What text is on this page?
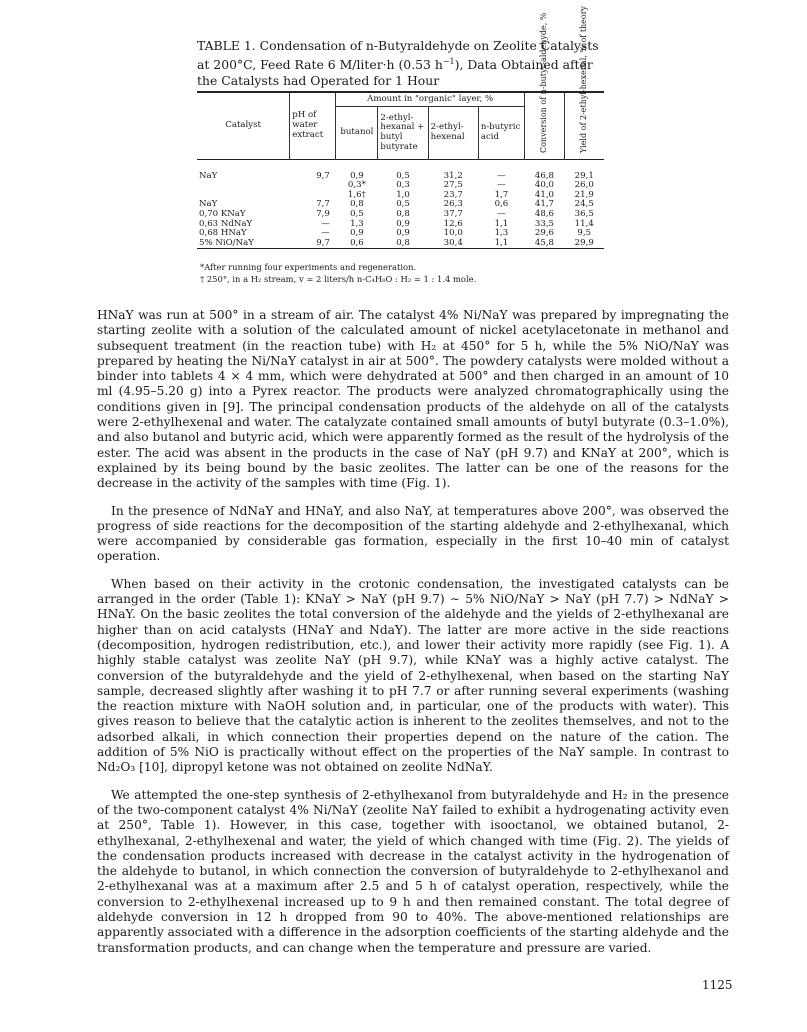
TABLE 1. Condensation of n-Butyraldehyde on Zeolite Catalysts
at 200°C, Feed Rate 6 M/liter·h (0.53 $h^{-1}$), Data Obtained after
the Catalysts had Operated for 1 Hour
Catalyst	pH of water extract	Amount in "organic" layer, %				Conversion of n-butyr-aldehyde, %	Yield of 2-ethyl-hexenal, % of theory
		butanol	2-ethyl-hexanal + butyl butyrate	2-ethyl-hexenal	n-butyric acid		
NaY	9,7	0,9	0,5	31,2	—	46,8	29,1
		0,3*	0,3	27,5	—	40,0	26,0
		1,6†	1,0	23,7	1,7	41,0	21,9
NaY	7,7	0,8	0,5	26,3	0,6	41,7	24,5
0,70 KNaY	7,9	0,5	0,8	37,7	—	48,6	36,5
0,63 NdNaY	—	1,3	0,9	12,6	1,1	33,5	11,4
0,68 HNaY	—	0,9	0,9	10,0	1,3	29,6	9,5
5% NiO/NaY	9,7	0,6	0,8	30,4	1,1	45,8	29,9
*After running four experiments and regeneration.
† 250°, in a H₂ stream, v = 2 liters/h n-C₄H₈O : H₂ = 1 : 1.4 mole.

HNaY was run at 500° in a stream of air. The catalyst 4% Ni/NaY was prepared by impregnating the starting zeolite with a solution of the calculated amount of nickel acetylacetonate in methanol and subsequent treatment (in the reaction tube) with H₂ at 450° for 5 h, while the 5% NiO/NaY was prepared by heating the Ni/NaY catalyst in air at 500°. The powdery catalysts were molded without a binder into tablets 4 × 4 mm, which were dehydrated at 500° and then charged in an amount of 10 ml (4.95–5.20 g) into a Pyrex reactor. The products were analyzed chromatographically using the conditions given in [9]. The principal condensation products of the aldehyde on all of the catalysts were 2-ethylhexenal and water. The catalyzate contained small amounts of butyl butyrate (0.3–1.0%), and also butanol and butyric acid, which were apparently formed as the result of the hydrolysis of the ester. The acid was absent in the products in the case of NaY (pH 9.7) and KNaY at 200°, which is explained by its being bound by the basic zeolites. The latter can be one of the reasons for the decrease in the activity of the samples with time (Fig. 1).

In the presence of NdNaY and HNaY, and also NaY, at temperatures above 200°, was observed the progress of side reactions for the decomposition of the starting aldehyde and 2-ethylhexanal, which were accompanied by considerable gas formation, especially in the first 10–40 min of catalyst operation.

When based on their activity in the crotonic condensation, the investigated catalysts can be arranged in the order (Table 1): KNaY > NaY (pH 9.7) ∼ 5% NiO/NaY > NaY (pH 7.7) > NdNaY > HNaY. On the basic zeolites the total conversion of the aldehyde and the yields of 2-ethylhexanal are higher than on acid catalysts (HNaY and NdaY). The latter are more active in the side reactions (decomposition, hydrogen redistribution, etc.), and lower their activity more rapidly (see Fig. 1). A highly stable catalyst was zeolite NaY (pH 9.7), while KNaY was a highly active catalyst. The conversion of the butyraldehyde and the yield of 2-ethylhexenal, when based on the starting NaY sample, decreased slightly after washing it to pH 7.7 or after running several experiments (washing the reaction mixture with NaOH solution and, in particular, one of the products with water). This gives reason to believe that the catalytic action is inherent to the zeolites themselves, and not to the adsorbed alkali, in which connection their properties depend on the nature of the cation. The addition of 5% NiO is practically without effect on the properties of the NaY sample. In contrast to Nd₂O₃ [10], dipropyl ketone was not obtained on zeolite NdNaY.

We attempted the one-step synthesis of 2-ethylhexanol from butyraldehyde and H₂ in the presence of the two-component catalyst 4% Ni/NaY (zeolite NaY failed to exhibit a hydrogenating activity even at 250°, Table 1). However, in this case, together with isooctanol, we obtained butanol, 2-ethylhexanal, 2-ethylhexenal and water, the yield of which changed with time (Fig. 2). The yields of the condensation products increased with decrease in the catalyst activity in the hydrogenation of the aldehyde to butanol, in which connection the conversion of butyraldehyde to 2-ethylhexanol and 2-ethylhexanal was at a maximum after 2.5 and 5 h of catalyst operation, respectively, while the conversion to 2-ethylhexenal increased up to 9 h and then remained constant. The total degree of aldehyde conversion in 12 h dropped from 90 to 40%. The above-mentioned relationships are apparently associated with a difference in the adsorption coefficients of the starting aldehyde and the transformation products, and can change when the temperature and pressure are varied.

1125
